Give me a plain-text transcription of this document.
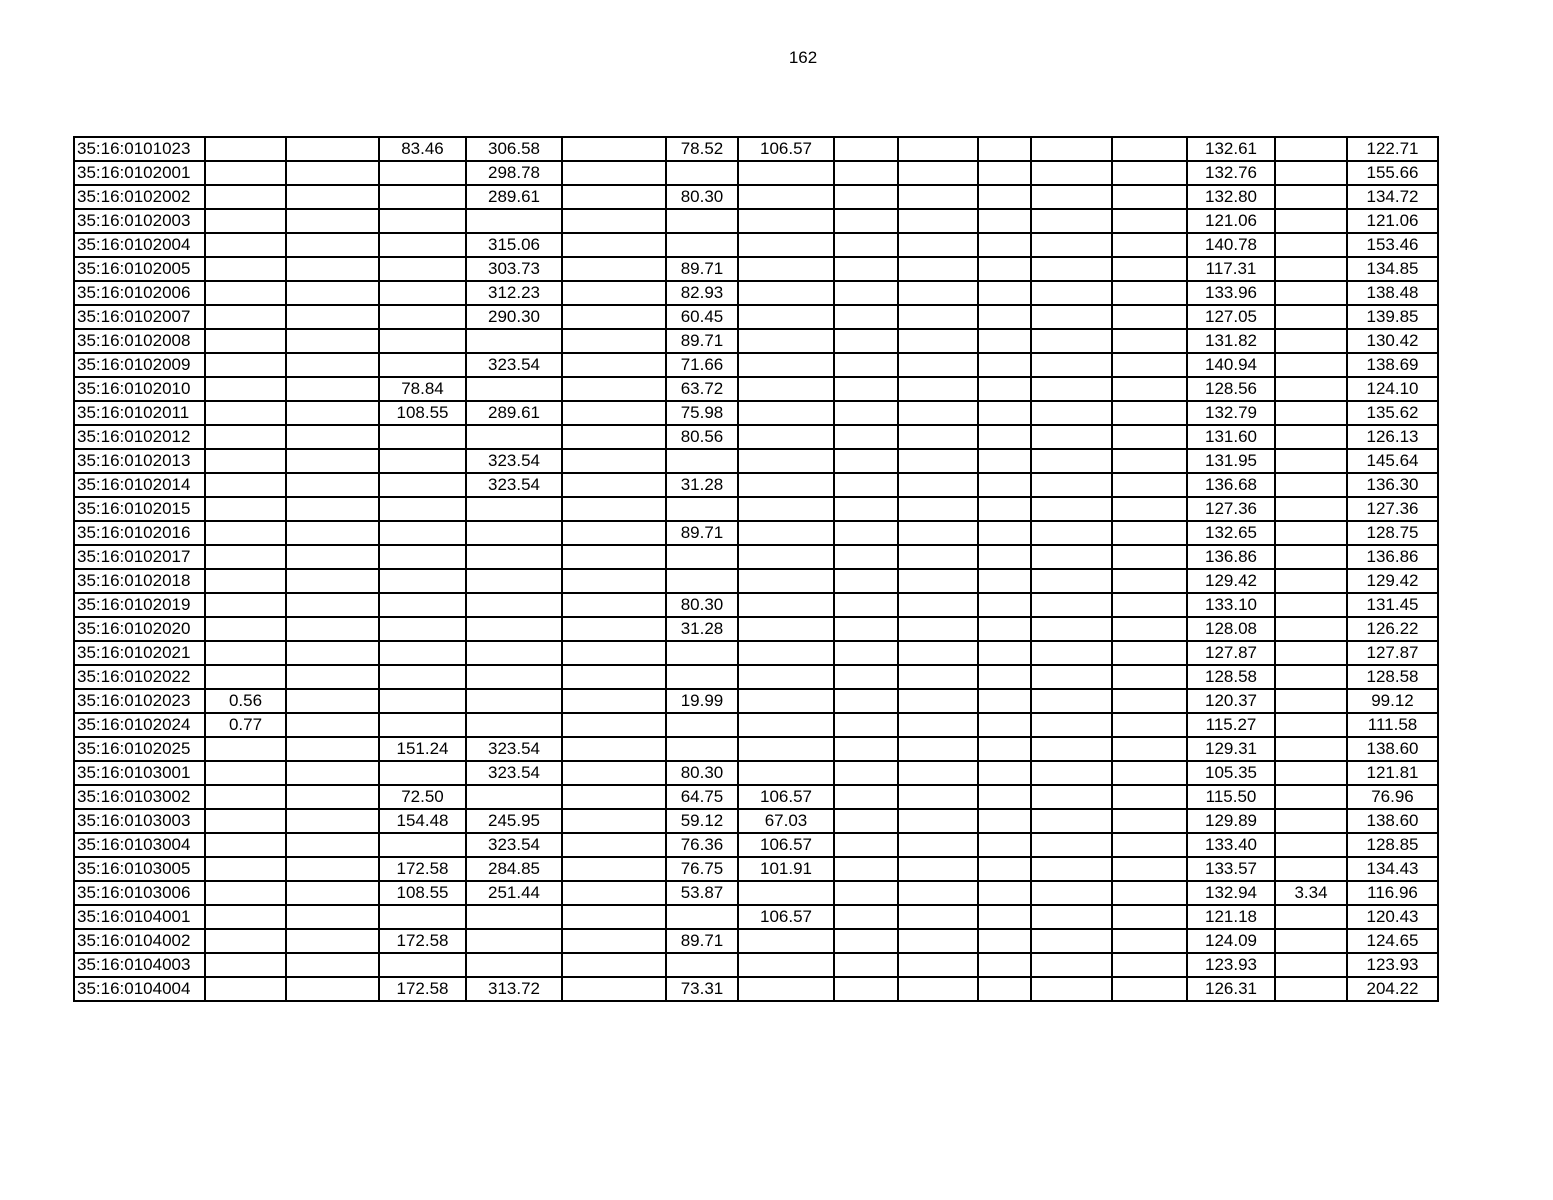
162
35:16:0101023			83.46	306.58		78.52	106.57						132.61		122.71
35:16:0102001				298.78									132.76		155.66
35:16:0102002				289.61		80.30							132.80		134.72
35:16:0102003													121.06		121.06
35:16:0102004				315.06									140.78		153.46
35:16:0102005				303.73		89.71							117.31		134.85
35:16:0102006				312.23		82.93							133.96		138.48
35:16:0102007				290.30		60.45							127.05		139.85
35:16:0102008						89.71							131.82		130.42
35:16:0102009				323.54		71.66							140.94		138.69
35:16:0102010			78.84			63.72							128.56		124.10
35:16:0102011			108.55	289.61		75.98							132.79		135.62
35:16:0102012						80.56							131.60		126.13
35:16:0102013				323.54									131.95		145.64
35:16:0102014				323.54		31.28							136.68		136.30
35:16:0102015													127.36		127.36
35:16:0102016						89.71							132.65		128.75
35:16:0102017													136.86		136.86
35:16:0102018													129.42		129.42
35:16:0102019						80.30							133.10		131.45
35:16:0102020						31.28							128.08		126.22
35:16:0102021													127.87		127.87
35:16:0102022													128.58		128.58
35:16:0102023	0.56					19.99							120.37		99.12
35:16:0102024	0.77												115.27		111.58
35:16:0102025			151.24	323.54									129.31		138.60
35:16:0103001				323.54		80.30							105.35		121.81
35:16:0103002			72.50			64.75	106.57						115.50		76.96
35:16:0103003			154.48	245.95		59.12	67.03						129.89		138.60
35:16:0103004				323.54		76.36	106.57						133.40		128.85
35:16:0103005			172.58	284.85		76.75	101.91						133.57		134.43
35:16:0103006			108.55	251.44		53.87							132.94	3.34	116.96
35:16:0104001							106.57						121.18		120.43
35:16:0104002			172.58			89.71							124.09		124.65
35:16:0104003													123.93		123.93
35:16:0104004			172.58	313.72		73.31							126.31		204.22
